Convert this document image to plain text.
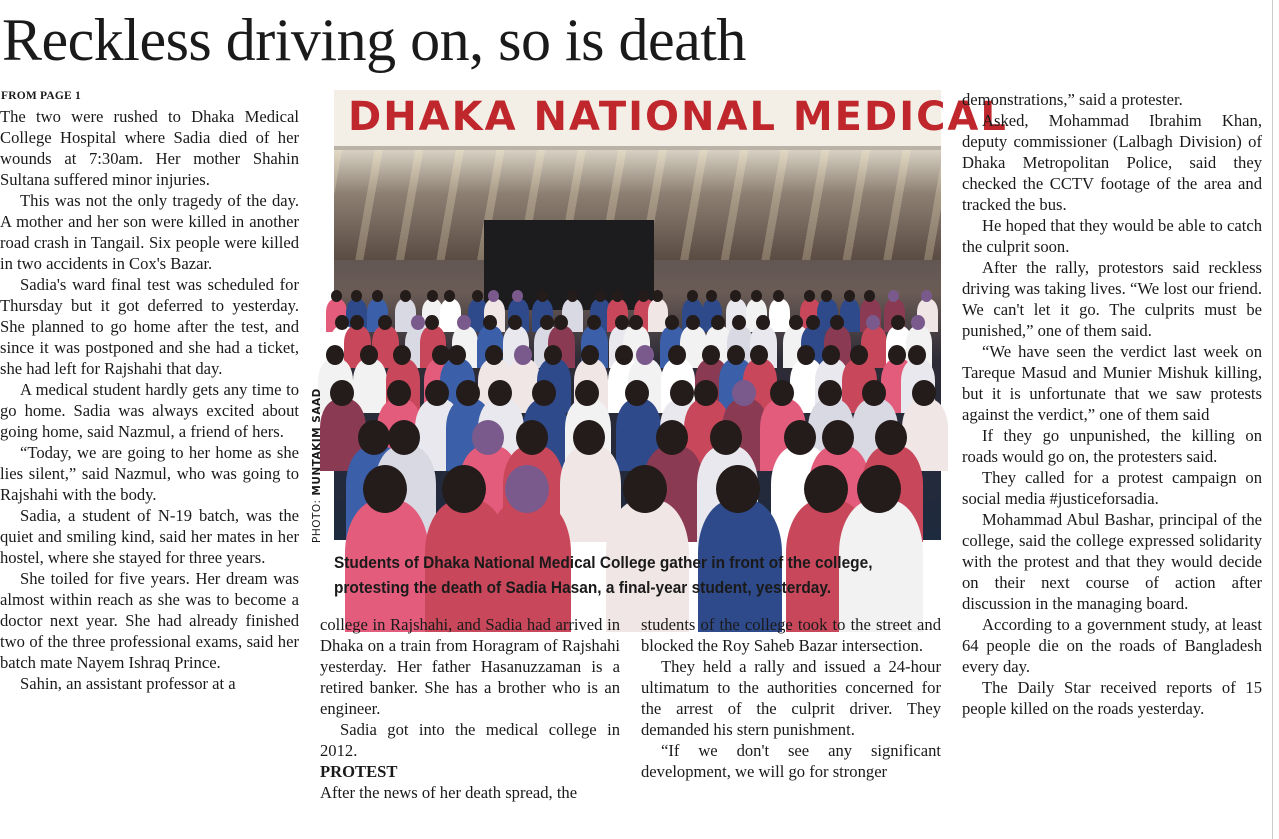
Reckless driving on, so is death
FROM PAGE 1

The two were rushed to Dhaka Medical College Hospital where Sadia died of her wounds at 7:30am. Her mother Shahin Sultana suffered minor injuries.

This was not the only tragedy of the day. A mother and her son were killed in another road crash in Tangail. Six people were killed in two accidents in Cox's Bazar.

Sadia's ward final test was scheduled for Thursday but it got deferred to yesterday. She planned to go home after the test, and since it was postponed and she had a ticket, she had left for Rajshahi that day.

A medical student hardly gets any time to go home. Sadia was always excited about going home, said Nazmul, a friend of hers.

“Today, we are going to her home as she lies silent,” said Nazmul, who was going to Rajshahi with the body.

Sadia, a student of N-19 batch, was the quiet and smiling kind, said her mates in her hostel, where she stayed for three years.

She toiled for five years. Her dream was almost within reach as she was to become a doctor next year. She had already finished two of the three professional exams, said her batch mate Nayem Ishraq Prince.

Sahin, an assistant professor at a

DHAKA NATIONAL MEDICAL
PHOTO: MUNTAKIM SAAD
Students of Dhaka National Medical College gather in front of the college,
protesting the death of Sadia Hasan, a final-year student, yesterday.

college in Rajshahi, and Sadia had arrived in Dhaka on a train from Horagram of Rajshahi yesterday. Her father Hasanuzzaman is a retired banker. She has a brother who is an engineer.

Sadia got into the medical college in 2012.

PROTEST

After the news of her death spread, the

students of the college took to the street and blocked the Roy Saheb Bazar intersection.

They held a rally and issued a 24-hour ultimatum to the authorities concerned for the arrest of the culprit driver. They demanded his stern punishment.

“If we don't see any significant development, we will go for stronger

demonstrations,” said a protester.

Asked, Mohammad Ibrahim Khan, deputy commissioner (Lalbagh Division) of Dhaka Metropolitan Police, said they checked the CCTV footage of the area and tracked the bus.

He hoped that they would be able to catch the culprit soon.

After the rally, protestors said reckless driving was taking lives. “We lost our friend. We can't let it go. The culprits must be punished,” one of them said.

“We have seen the verdict last week on Tareque Masud and Munier Mishuk killing, but it is unfortunate that we saw protests against the verdict,” one of them said

If they go unpunished, the killing on roads would go on, the protesters said.

They called for a protest campaign on social media #justiceforsadia.

Mohammad Abul Bashar, principal of the college, said the college expressed solidarity with the protest and that they would decide on their next course of action after discussion in the managing board.

According to a government study, at least 64 people die on the roads of Bangladesh every day.

The Daily Star received reports of 15 people killed on the roads yesterday.
